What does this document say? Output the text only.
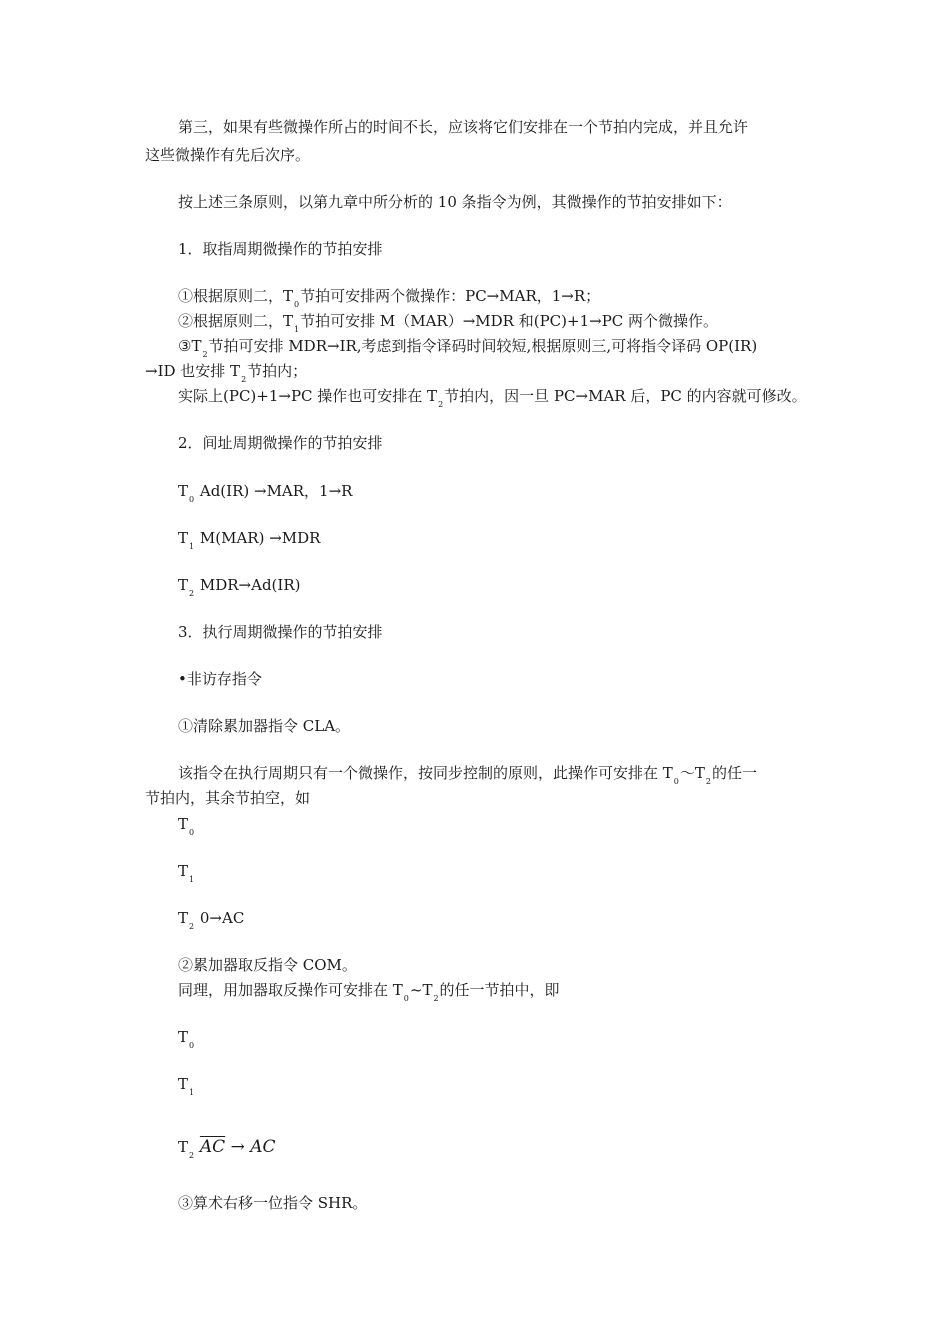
第三，如果有些微操作所占的时间不长，应该将它们安排在一个节拍内完成，并且允许
这些微操作有先后次序。
按上述三条原则，以第九章中所分析的 10 条指令为例，其微操作的节拍安排如下：
1．取指周期微操作的节拍安排
①根据原则二，$T_0$节拍可安排两个微操作：PC→MAR，1→R；
②根据原则二，$T_1$节拍可安排 M（MAR）→MDR 和(PC)+1→PC 两个微操作。
$③T_2$节拍可安排 MDR→IR,考虑到指令译码时间较短,根据原则三,可将指令译码 OP(IR)
→ID 也安排 $T_2$节拍内；
实际上(PC)+1→PC 操作也可安排在 $T_2$节拍内，因一旦 PC→MAR 后，PC 的内容就可修改。
2．间址周期微操作的节拍安排
$T_0$ Ad(IR) →MAR，1→R
$T_1$ M(MAR) →MDR
$T_2$ MDR→Ad(IR)
3．执行周期微操作的节拍安排
•非访存指令
①清除累加器指令 CLA。
该指令在执行周期只有一个微操作，按同步控制的原则，此操作可安排在 $T_0\sim T_2$的任一
节拍内，其余节拍空，如
$T_0$
$T_1$
$T_2$ 0→AC
②累加器取反指令 COM。
同理，用加器取反操作可安排在 $T_0\sim T_2$的任一节拍中，即
$T_0$
$T_1$
$T_2$ $\overline{AC}$ → AC
③算术右移一位指令 SHR。
